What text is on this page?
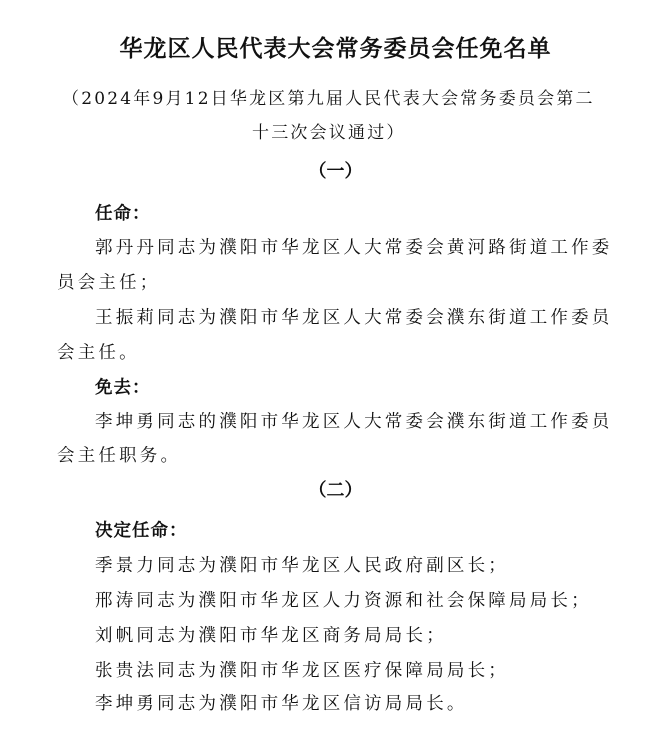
华龙区人民代表大会常务委员会任免名单
（2024年9月12日华龙区第九届人民代表大会常务委员会第二
十三次会议通过）
（一）
任命：
郭丹丹同志为濮阳市华龙区人大常委会黄河路街道工作委
员会主任；
王振莉同志为濮阳市华龙区人大常委会濮东街道工作委员
会主任。
免去：
李坤勇同志的濮阳市华龙区人大常委会濮东街道工作委员
会主任职务。
（二）
决定任命：
季景力同志为濮阳市华龙区人民政府副区长；
邢涛同志为濮阳市华龙区人力资源和社会保障局局长；
刘帆同志为濮阳市华龙区商务局局长；
张贵法同志为濮阳市华龙区医疗保障局局长；
李坤勇同志为濮阳市华龙区信访局局长。
